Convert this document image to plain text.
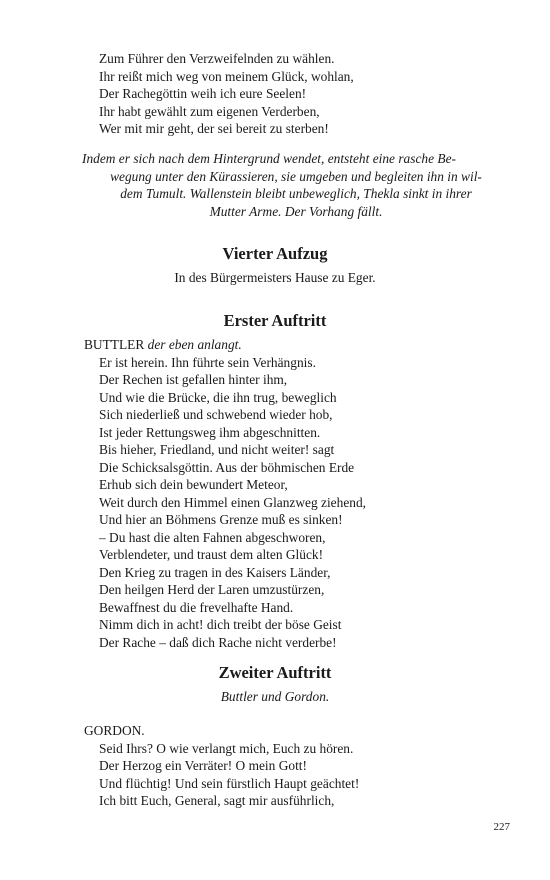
Zum Führer den Verzweifelnden zu wählen.
Ihr reißt mich weg von meinem Glück, wohlan,
Der Rachegöttin weih ich eure Seelen!
Ihr habt gewählt zum eigenen Verderben,
Wer mit mir geht, der sei bereit zu sterben!
Indem er sich nach dem Hintergrund wendet, entsteht eine rasche Be-
wegung unter den Kürassieren, sie umgeben und begleiten ihn in wil-
dem Tumult. Wallenstein bleibt unbeweglich, Thekla sinkt in ihrer
Mutter Arme. Der Vorhang fällt.
Vierter Aufzug
In des Bürgermeisters Hause zu Eger.
Erster Auftritt
BUTTLER der eben anlangt.
Er ist herein. Ihn führte sein Verhängnis.
Der Rechen ist gefallen hinter ihm,
Und wie die Brücke, die ihn trug, beweglich
Sich niederließ und schwebend wieder hob,
Ist jeder Rettungsweg ihm abgeschnitten.
Bis hieher, Friedland, und nicht weiter! sagt
Die Schicksalsgöttin. Aus der böhmischen Erde
Erhub sich dein bewundert Meteor,
Weit durch den Himmel einen Glanzweg ziehend,
Und hier an Böhmens Grenze muß es sinken!
– Du hast die alten Fahnen abgeschworen,
Verblendeter, und traust dem alten Glück!
Den Krieg zu tragen in des Kaisers Länder,
Den heilgen Herd der Laren umzustürzen,
Bewaffnest du die frevelhafte Hand.
Nimm dich in acht! dich treibt der böse Geist
Der Rache – daß dich Rache nicht verderbe!
Zweiter Auftritt
Buttler und Gordon.
GORDON.
Seid Ihrs? O wie verlangt mich, Euch zu hören.
Der Herzog ein Verräter! O mein Gott!
Und flüchtig! Und sein fürstlich Haupt geächtet!
Ich bitt Euch, General, sagt mir ausführlich,
227
